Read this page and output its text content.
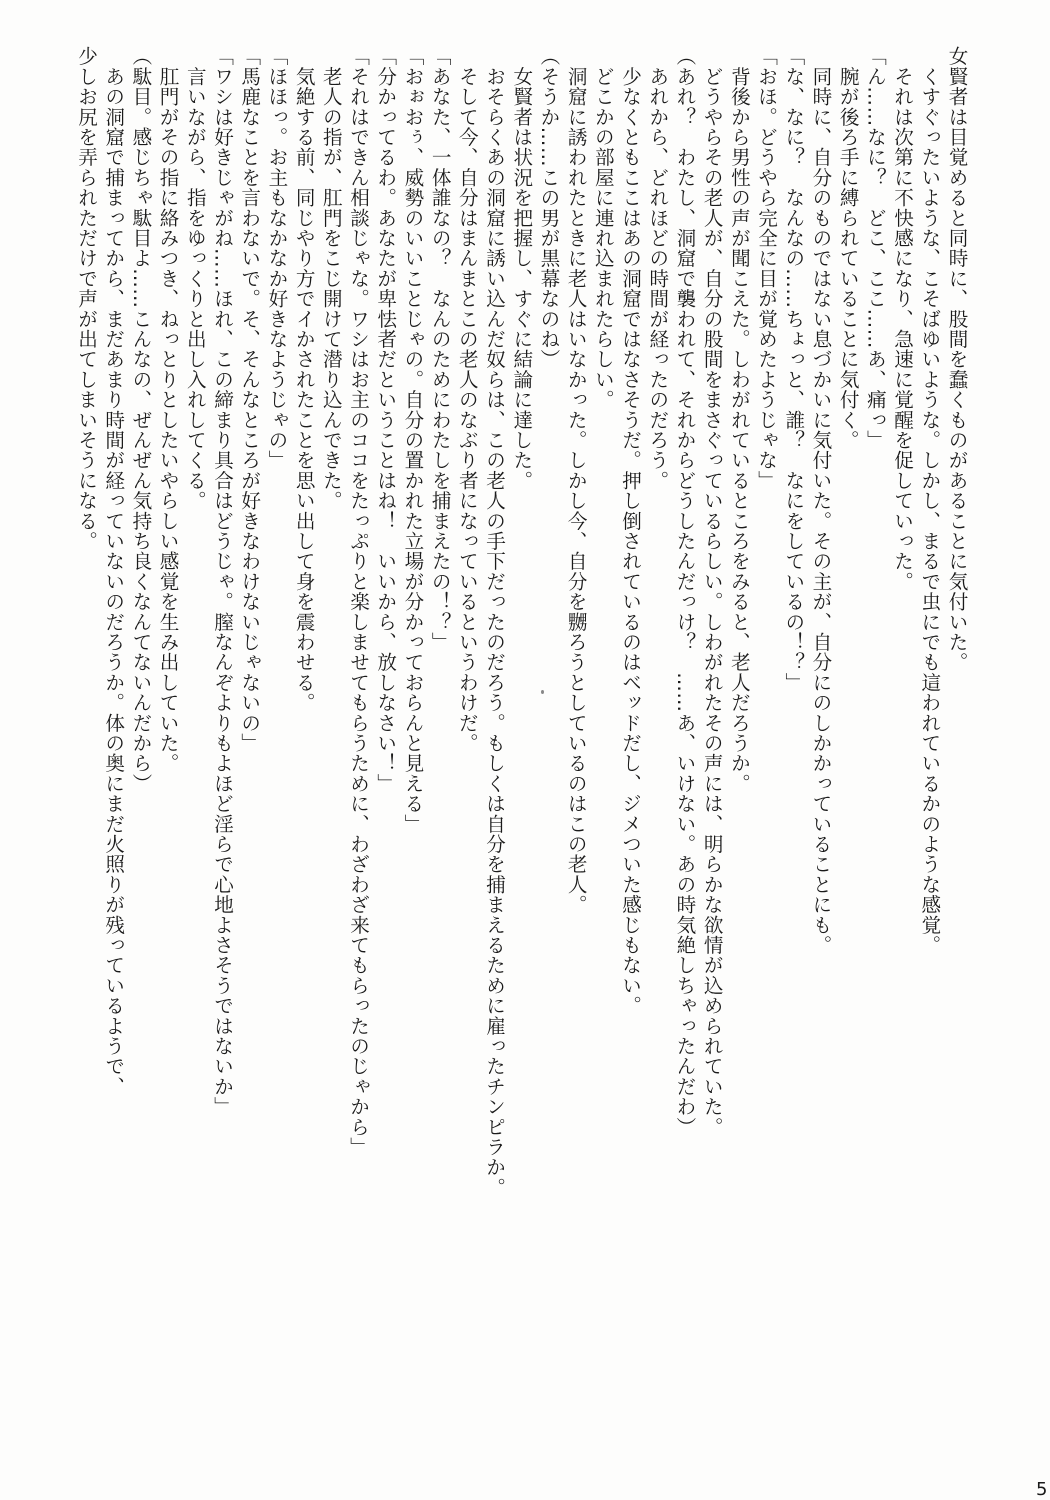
女賢者は目覚めると同時に、股間を蠢くものがあることに気付いた。
　くすぐったいような、こそばゆいような。しかし、まるで虫にでも這われているかのような感覚。
　それは次第に不快感になり、急速に覚醒を促していった。
「ん……なに？　どこ、ここ……あ、痛っ」
　腕が後ろ手に縛られていることに気付く。
　同時に、自分のものではない息づかいに気付いた。その主が、自分にのしかかっていることにも。
「な、なに？　なんなの……ちょっと、誰？　なにをしているの！？」
「おほ。どうやら完全に目が覚めたようじゃな」
　背後から男性の声が聞こえた。しわがれているところをみると、老人だろうか。
　どうやらその老人が、自分の股間をまさぐっているらしい。しわがれたその声には、明らかな欲情が込められていた。
（あれ？　わたし、洞窟で襲われて、それからどうしたんだっけ？　……あ、いけない。あの時気絶しちゃったんだわ）
　あれから、どれほどの時間が経ったのだろう。
　少なくともここはあの洞窟ではなさそうだ。押し倒されているのはベッドだし、ジメついた感じもない。
　どこかの部屋に連れ込まれたらしい。
　洞窟に誘われたときに老人はいなかった。しかし今、自分を嬲ろうとしているのはこの老人。
（そうか……この男が黒幕なのね）
　女賢者は状況を把握し、すぐに結論に達した。
　おそらくあの洞窟に誘い込んだ奴らは、この老人の手下だったのだろう。もしくは自分を捕まえるために雇ったチンピラか。
　そして今、自分はまんまとこの老人のなぶり者になっているというわけだ。
「あなた、一体誰なの？　なんのためにわたしを捕まえたの！？」
「おぉおぅ、威勢のいいことじゃの。自分の置かれた立場が分かっておらんと見える」
「分かってるわ。あなたが卑怯者だということはね！　いいから、放しなさい！」
「それはできん相談じゃな。ワシはお主のココをたっぷりと楽しませてもらうために、わざわざ来てもらったのじゃから」
　老人の指が、肛門をこじ開けて潜り込んできた。
　気絶する前、同じやり方でイかされたことを思い出して身を震わせる。
「ほほっ。お主もなかなか好きなようじゃの」
「馬鹿なことを言わないで。そ、そんなところが好きなわけないじゃないの」
「ワシは好きじゃがね……ほれ、この締まり具合はどうじゃ。膣なんぞよりもよほど淫らで心地よさそうではないか」
　言いながら、指をゆっくりと出し入れしてくる。
　肛門がその指に絡みつき、ねっとりとしたいやらしい感覚を生み出していた。
（駄目。感じちゃ駄目よ……こんなの、ぜんぜん気持ち良くなんてないんだから）
　あの洞窟で捕まってから、まだあまり時間が経っていないのだろうか。体の奥にまだ火照りが残っているようで、
少しお尻を弄られただけで声が出てしまいそうになる。
5
